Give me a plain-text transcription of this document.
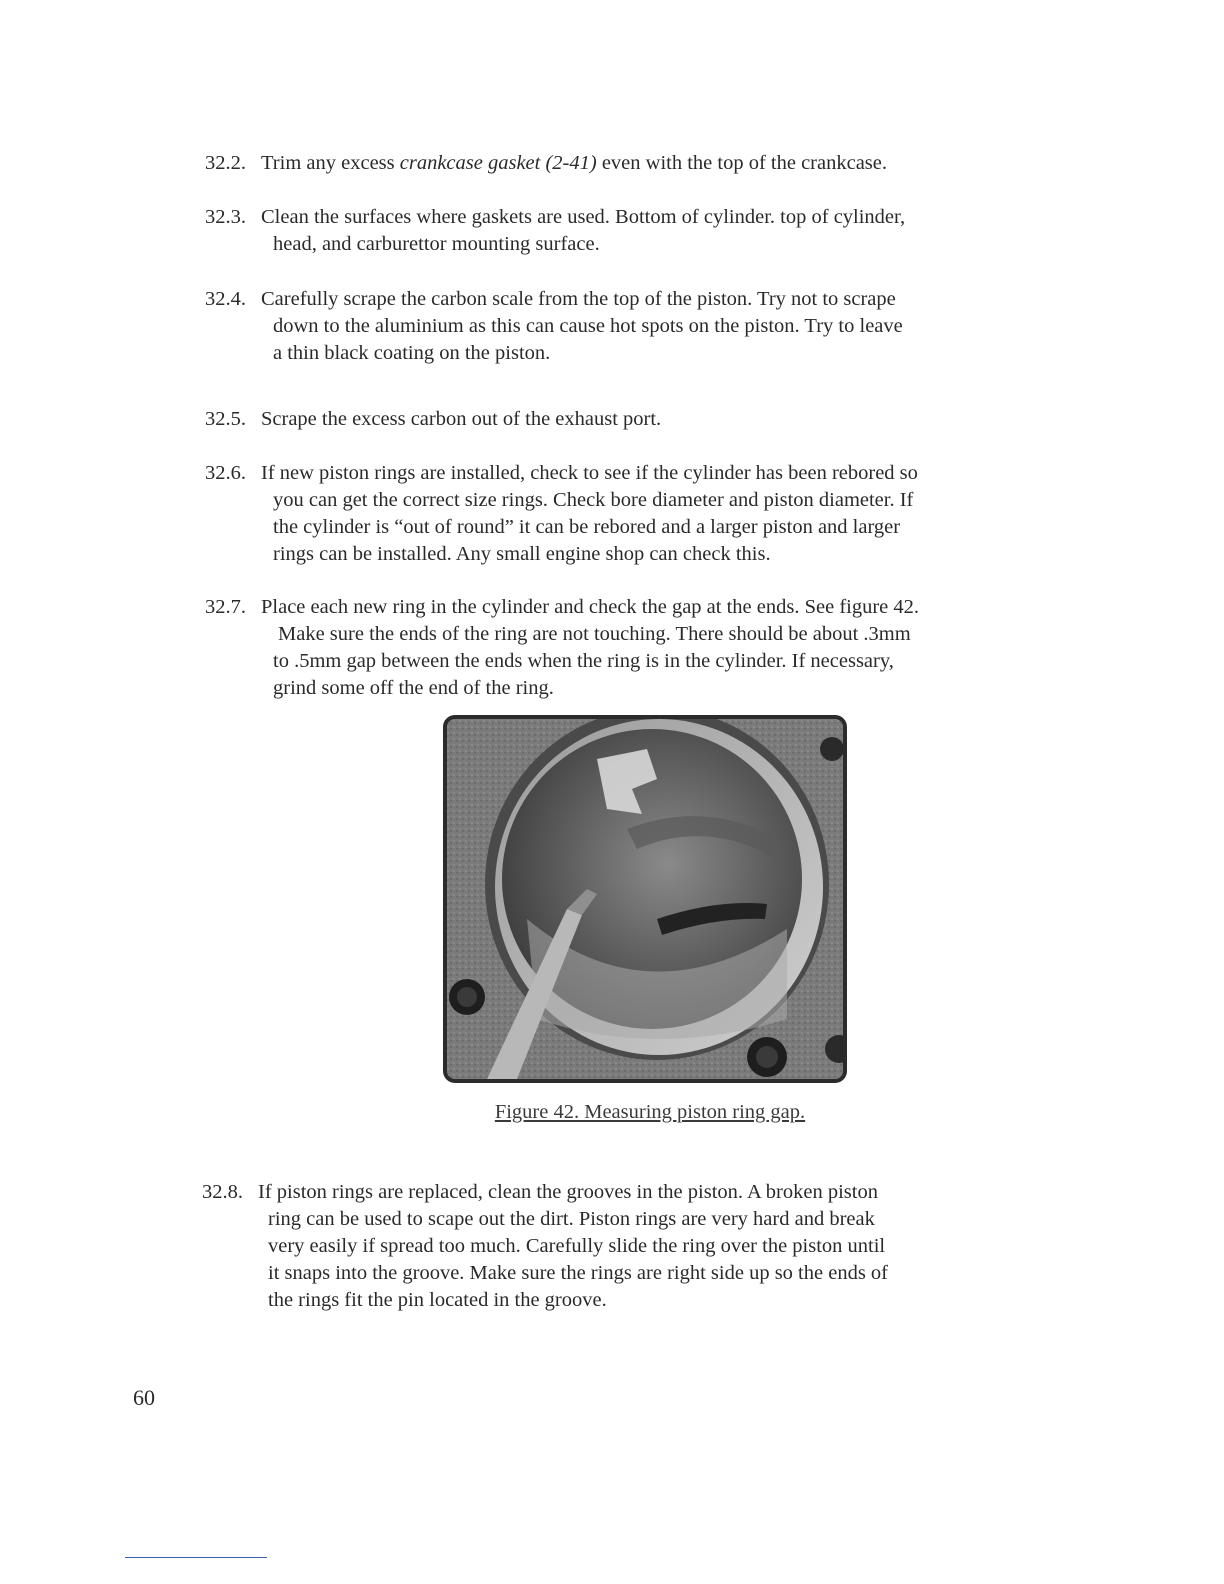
32.2. Trim any excess crankcase gasket (2-41) even with the top of the crankcase.

32.3. Clean the surfaces where gaskets are used. Bottom of cylinder. top of cylinder,
head, and carburettor mounting surface.

32.4. Carefully scrape the carbon scale from the top of the piston. Try not to scrape
down to the aluminium as this can cause hot spots on the piston. Try to leave
a thin black coating on the piston.

32.5. Scrape the excess carbon out of the exhaust port.

32.6. If new piston rings are installed, check to see if the cylinder has been rebored so
you can get the correct size rings. Check bore diameter and piston diameter. If
the cylinder is “out of round” it can be rebored and a larger piston and larger
rings can be installed. Any small engine shop can check this.

32.7. Place each new ring in the cylinder and check the gap at the ends. See figure 42.
Make sure the ends of the ring are not touching. There should be about .3mm
to .5mm gap between the ends when the ring is in the cylinder. If necessary,
grind some off the end of the ring.

Figure 42. Measuring piston ring gap.

32.8. If piston rings are replaced, clean the grooves in the piston. A broken piston
ring can be used to scape out the dirt. Piston rings are very hard and break
very easily if spread too much. Carefully slide the ring over the piston until
it snaps into the groove. Make sure the rings are right side up so the ends of
the rings fit the pin located in the groove.

60
